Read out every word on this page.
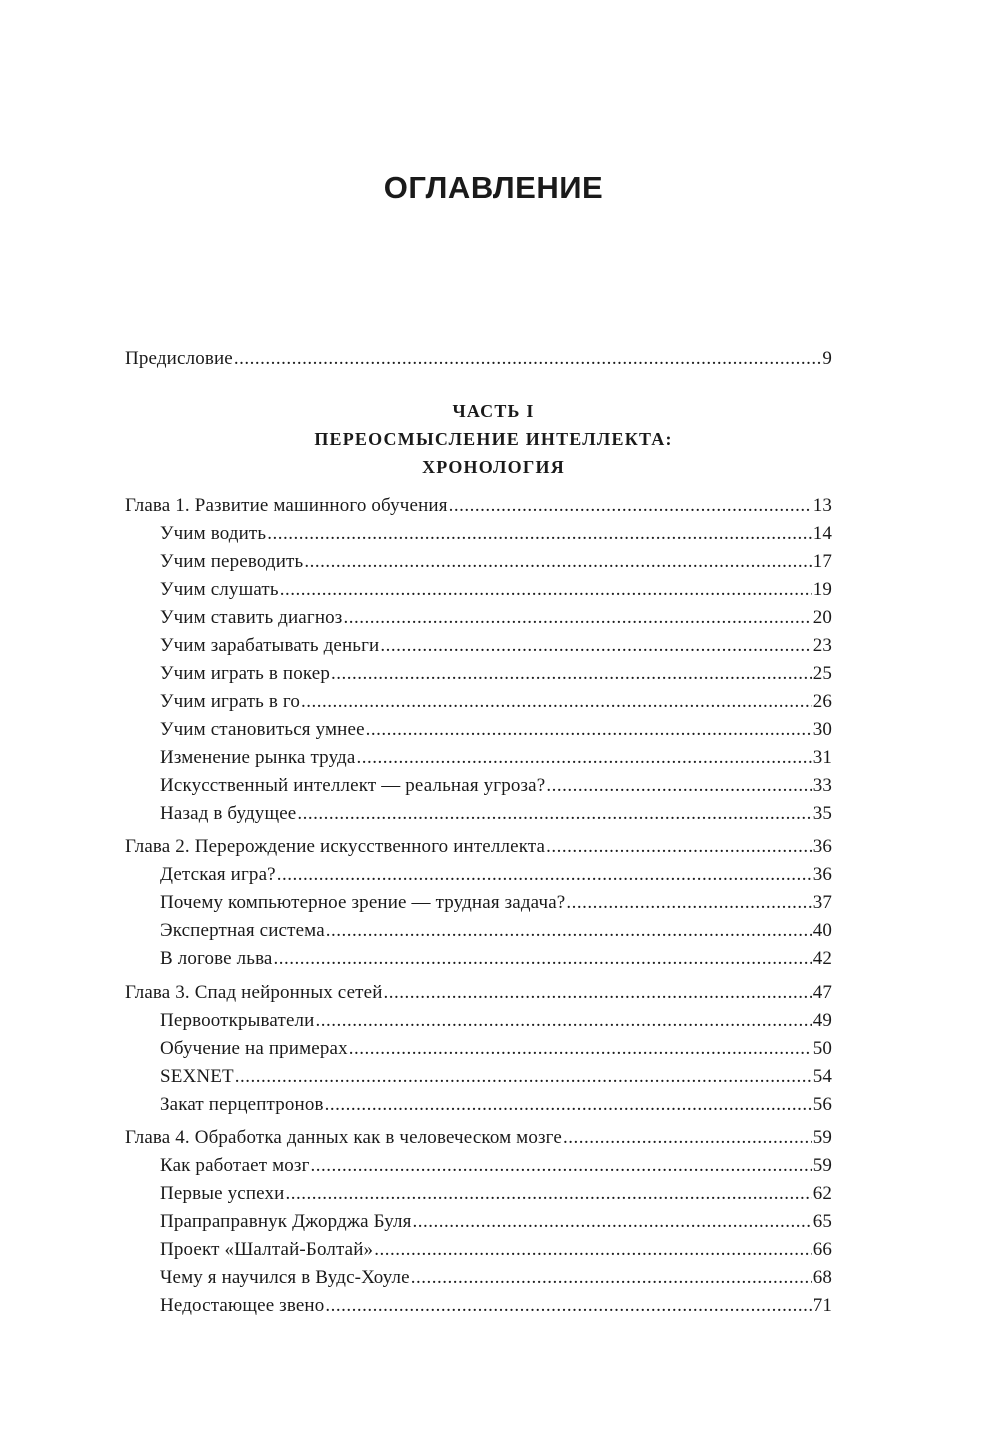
ОГЛАВЛЕНИЕ
Предисловие .....	9
ЧАСТЬ I
ПЕРЕОСМЫСЛЕНИЕ ИНТЕЛЛЕКТА:
ХРОНОЛОГИЯ
Глава 1. Развитие машинного обучения .....	13
Учим водить .....	14
Учим переводить .....	17
Учим слушать .....	19
Учим ставить диагноз .....	20
Учим зарабатывать деньги .....	23
Учим играть в покер .....	25
Учим играть в го .....	26
Учим становиться умнее .....	30
Изменение рынка труда .....	31
Искусственный интеллект — реальная угроза? .....	33
Назад в будущее .....	35
Глава 2. Перерождение искусственного интеллекта .....	36
Детская игра? .....	36
Почему компьютерное зрение — трудная задача? .....	37
Экспертная система .....	40
В логове льва .....	42
Глава 3. Спад нейронных сетей .....	47
Первооткрыватели .....	49
Обучение на примерах .....	50
SEXNET .....	54
Закат перцептронов .....	56
Глава 4. Обработка данных как в человеческом мозге .....	59
Как работает мозг .....	59
Первые успехи .....	62
Прапраправнук Джорджа Буля .....	65
Проект «Шалтай-Болтай» .....	66
Чему я научился в Вудс-Хоуле .....	68
Недостающее звено .....	71
